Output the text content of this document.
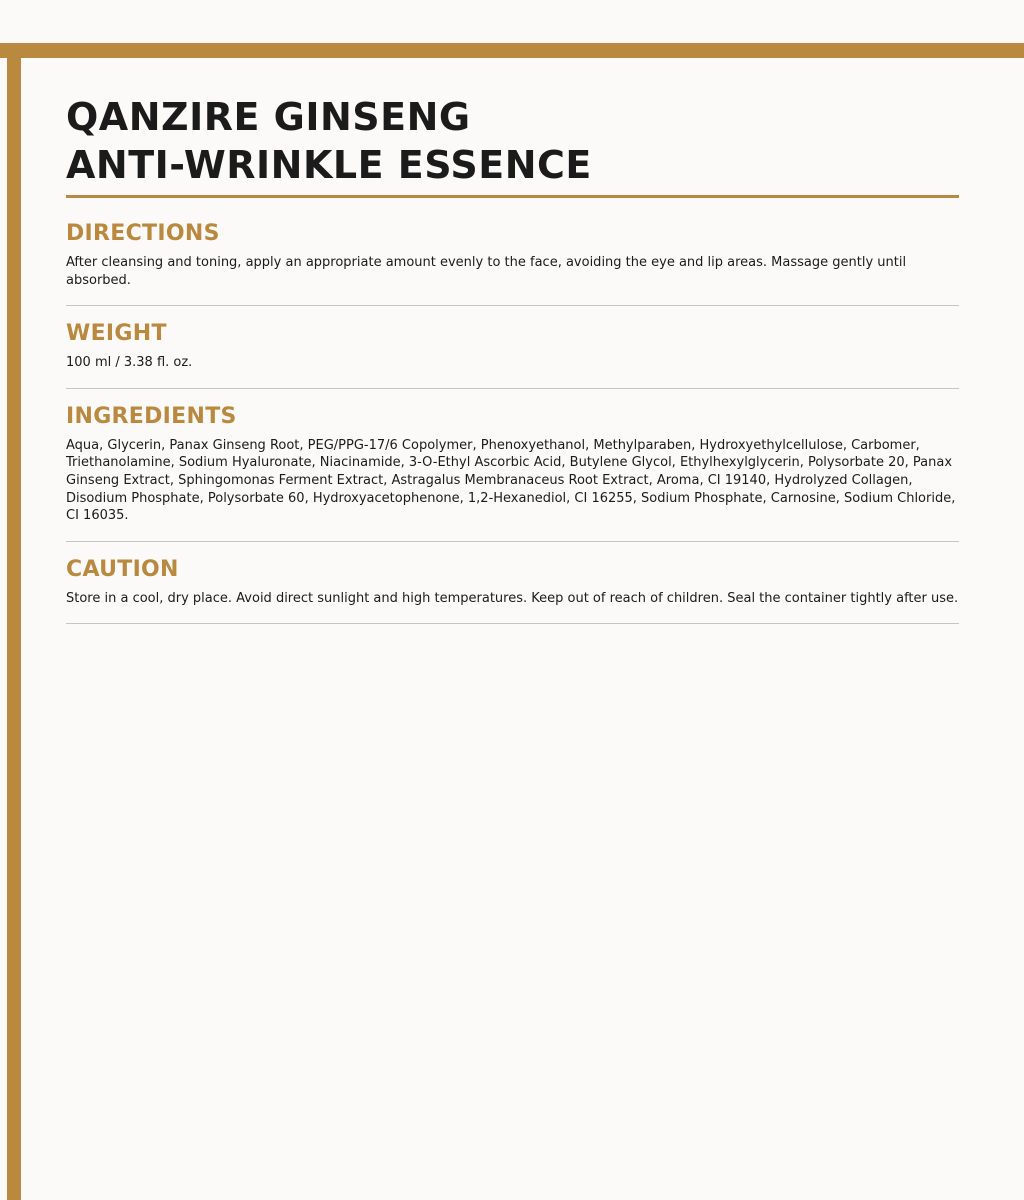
QANZIRE GINSENG
ANTI-WRINKLE ESSENCE
DIRECTIONS

After cleansing and toning, apply an appropriate amount evenly to the face, avoiding the eye and lip areas. Massage gently until absorbed.

WEIGHT

100 ml / 3.38 fl. oz.

INGREDIENTS

Aqua, Glycerin, Panax Ginseng Root, PEG/PPG-17/6 Copolymer, Phenoxyethanol, Methylparaben, Hydroxyethylcellulose, Carbomer, Triethanolamine, Sodium Hyaluronate, Niacinamide, 3-O-Ethyl Ascorbic Acid, Butylene Glycol, Ethylhexylglycerin, Polysorbate 20, Panax Ginseng Extract, Sphingomonas Ferment Extract, Astragalus Membranaceus Root Extract, Aroma, CI 19140, Hydrolyzed Collagen, Disodium Phosphate, Polysorbate 60, Hydroxyacetophenone, 1,2-Hexanediol, CI 16255, Sodium Phosphate, Carnosine, Sodium Chloride, CI 16035.

CAUTION

Store in a cool, dry place. Avoid direct sunlight and high temperatures. Keep out of reach of children. Seal the container tightly after use.
